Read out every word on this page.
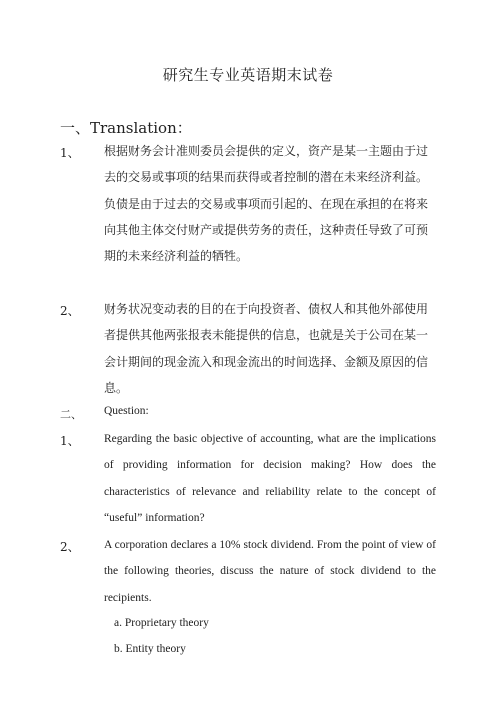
研究生专业英语期末试卷
一、Translation：
1、 根据财务会计准则委员会提供的定义，资产是某一主题由于过去的交易或事项的结果而获得或者控制的潜在未来经济利益。负债是由于过去的交易或事项而引起的、在现在承担的在将来向其他主体交付财产或提供劳务的责任，这种责任导致了可预期的未来经济利益的牺牲。
2、 财务状况变动表的目的在于向投资者、债权人和其他外部使用者提供其他两张报表未能提供的信息，也就是关于公司在某一会计期间的现金流入和现金流出的时间选择、金额及原因的信息。
二、 Question:
1、 Regarding the basic objective of accounting, what are the implications of providing information for decision making? How does the characteristics of relevance and reliability relate to the concept of “useful” information?
2、 A corporation declares a 10% stock dividend. From the point of view of the following theories, discuss the nature of stock dividend to the recipients.
a. Proprietary theory
b. Entity theory
